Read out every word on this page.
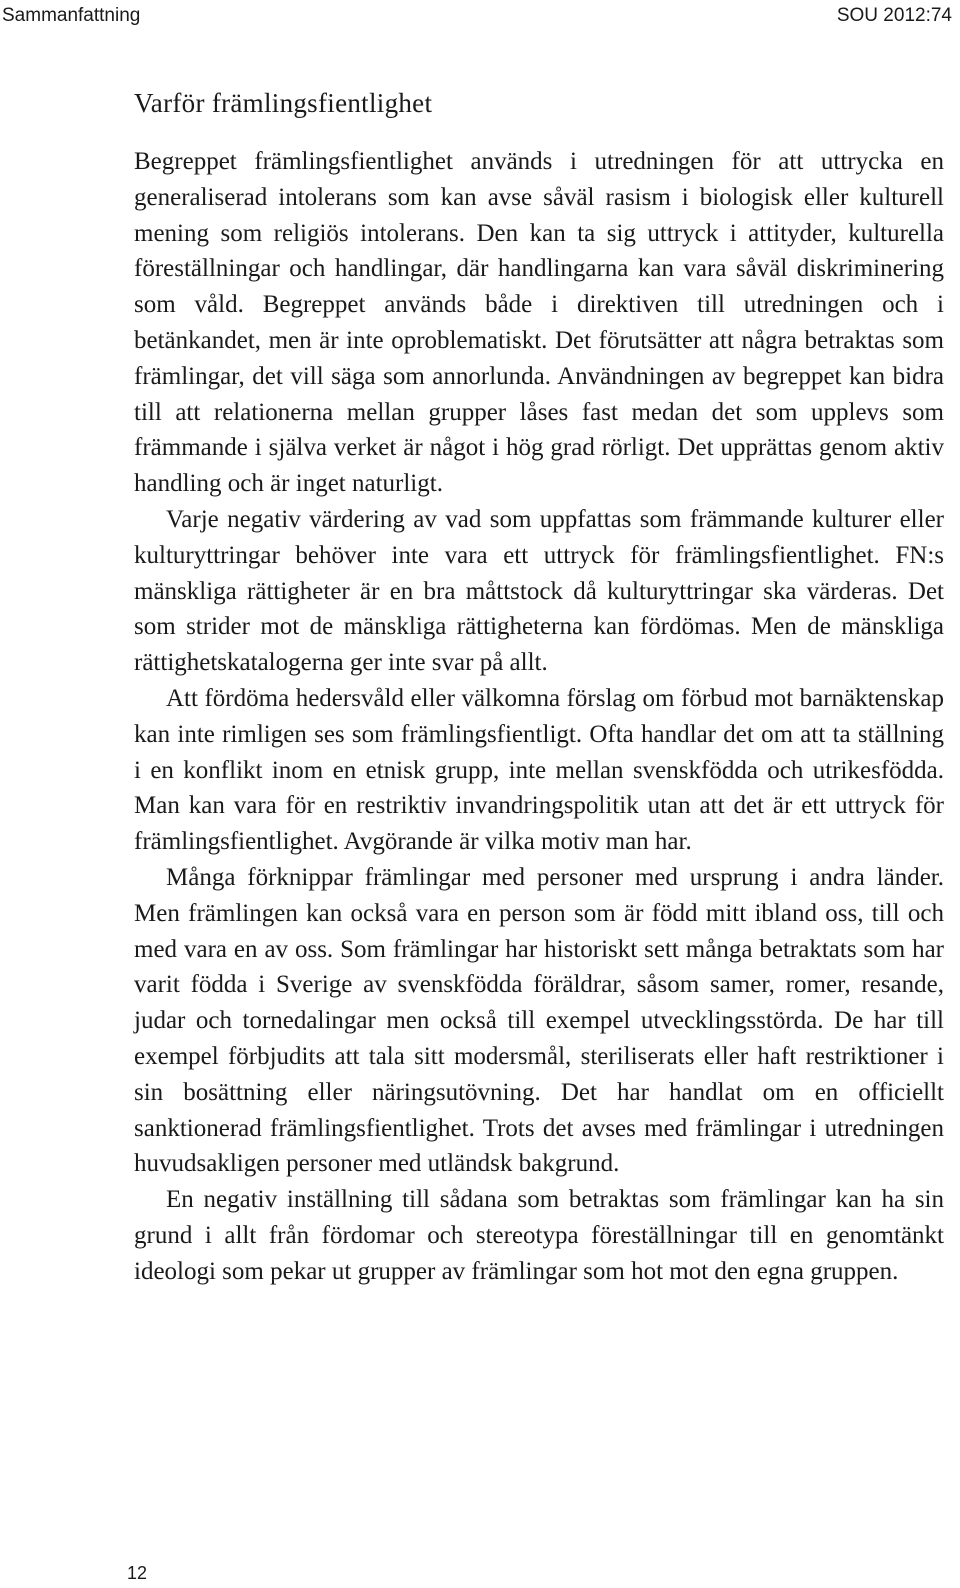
Sammanfattning	SOU 2012:74
Varför främlingsfientlighet

Begreppet främlingsfientlighet används i utredningen för att uttrycka en generaliserad intolerans som kan avse såväl rasism i biologisk eller kulturell mening som religiös intolerans. Den kan ta sig uttryck i attityder, kulturella föreställningar och handlingar, där handlingarna kan vara såväl diskriminering som våld. Begreppet används både i direktiven till utredningen och i betänkandet, men är inte oproblematiskt. Det förutsätter att några betraktas som främlingar, det vill säga som annorlunda. Användningen av begreppet kan bidra till att relationerna mellan grupper låses fast medan det som upplevs som främmande i själva verket är något i hög grad rörligt. Det upprättas genom aktiv handling och är inget naturligt.

Varje negativ värdering av vad som uppfattas som främmande kulturer eller kulturyttringar behöver inte vara ett uttryck för främlingsfientlighet. FN:s mänskliga rättigheter är en bra måttstock då kulturyttringar ska värderas. Det som strider mot de mänskliga rättigheterna kan fördömas. Men de mänskliga rättighetskatalogerna ger inte svar på allt.

Att fördöma hedersvåld eller välkomna förslag om förbud mot barnäktenskap kan inte rimligen ses som främlingsfientligt. Ofta handlar det om att ta ställning i en konflikt inom en etnisk grupp, inte mellan svenskfödda och utrikesfödda. Man kan vara för en restriktiv invandringspolitik utan att det är ett uttryck för främlingsfientlighet. Avgörande är vilka motiv man har.

Många förknippar främlingar med personer med ursprung i andra länder. Men främlingen kan också vara en person som är född mitt ibland oss, till och med vara en av oss. Som främlingar har historiskt sett många betraktats som har varit födda i Sverige av svenskfödda föräldrar, såsom samer, romer, resande, judar och tornedalingar men också till exempel utvecklingsstörda. De har till exempel förbjudits att tala sitt modersmål, steriliserats eller haft restriktioner i sin bosättning eller näringsutövning. Det har handlat om en officiellt sanktionerad främlingsfientlighet. Trots det avses med främlingar i utredningen huvudsakligen personer med utländsk bakgrund.

En negativ inställning till sådana som betraktas som främlingar kan ha sin grund i allt från fördomar och stereotypa föreställningar till en genomtänkt ideologi som pekar ut grupper av främlingar som hot mot den egna gruppen.

12
